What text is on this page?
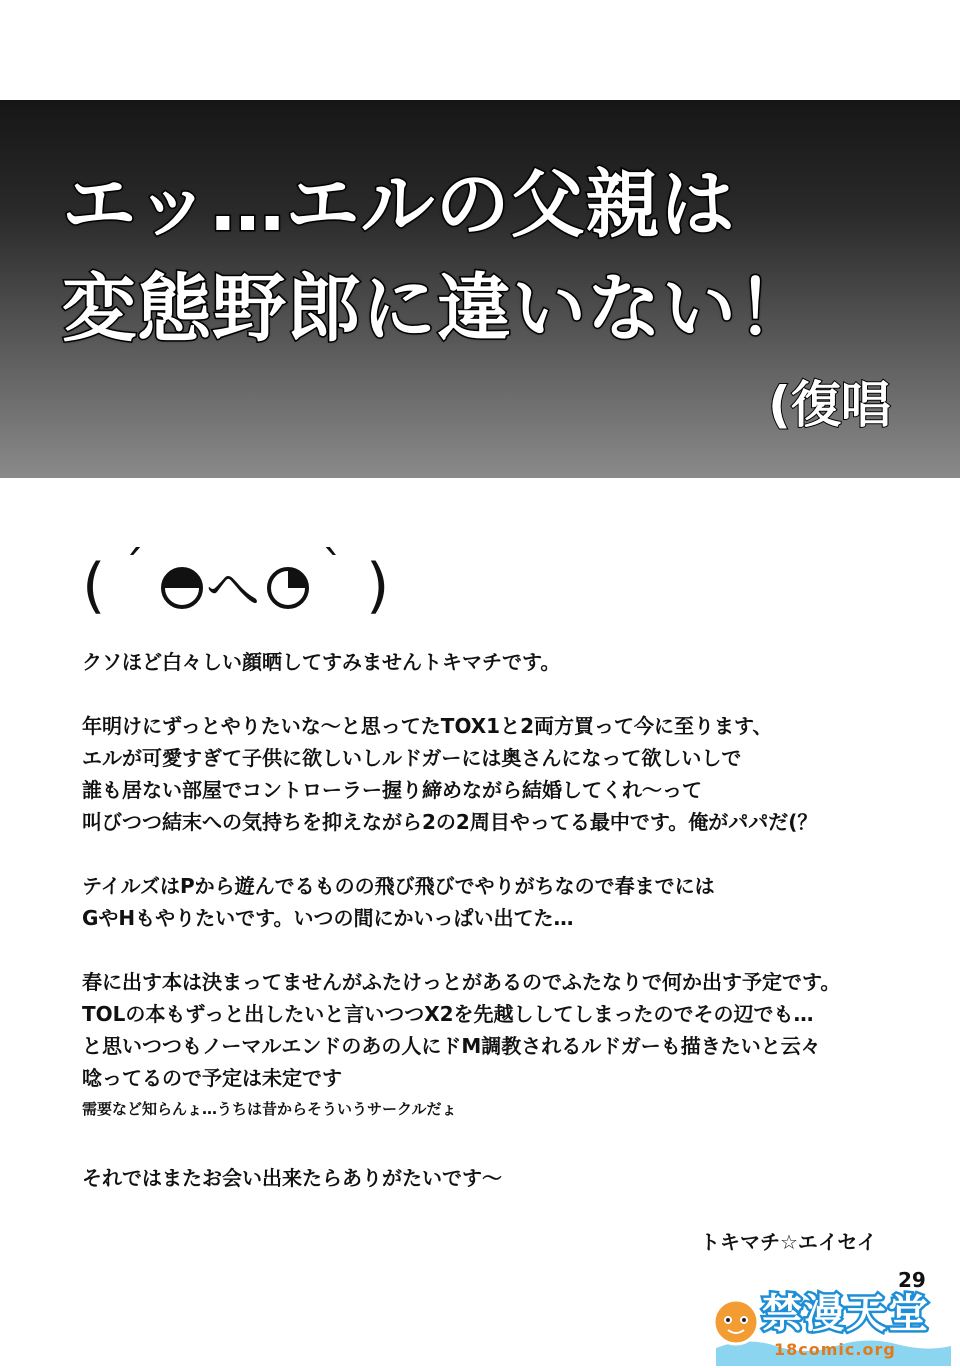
エッ…エルの父親は
変態野郎に違いない！
(復唱
( ´ へ ` )
クソほど白々しい顔晒してすみませんトキマチです。
年明けにずっとやりたいな〜と思ってたTOX1と2両方買って今に至ります、
エルが可愛すぎて子供に欲しいしルドガーには奥さんになって欲しいしで
誰も居ない部屋でコントローラー握り締めながら結婚してくれ〜って
叫びつつ結末への気持ちを抑えながら2の2周目やってる最中です。俺がパパだ(？
テイルズはPから遊んでるものの飛び飛びでやりがちなので春までには
GやHもやりたいです。いつの間にかいっぱい出てた…
春に出す本は決まってませんがふたけっとがあるのでふたなりで何か出す予定です。
TOLの本もずっと出したいと言いつつX2を先越ししてしまったのでその辺でも…
と思いつつもノーマルエンドのあの人にドM調教されるルドガーも描きたいと云々
唸ってるので予定は未定です
需要など知らんょ…うちは昔からそういうサークルだょ
それではまたお会い出来たらありがたいです〜
トキマチ☆エイセイ
29
禁漫天堂
18comic.org
